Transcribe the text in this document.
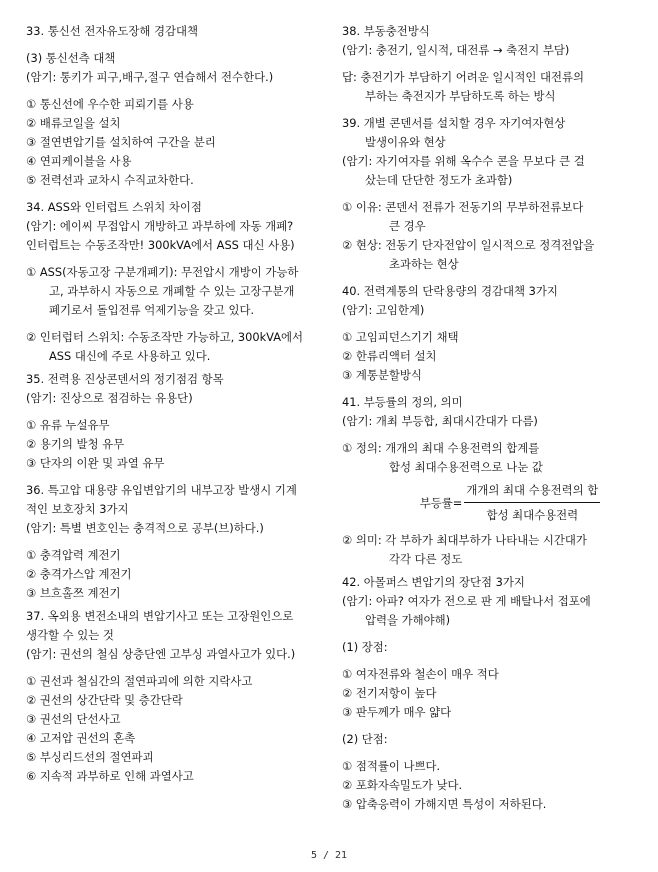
33. 통신선 전자유도장해 경감대책

(3) 통신선측 대책

(암기: 통키가 피구,배구,절구 연습해서 전수한다.)

① 통신선에 우수한 피뢰기를 사용

② 배류코일을 설치

③ 절연변압기를 설치하여 구간을 분리

④ 연피케이블을 사용

⑤ 전력선과 교차시 수직교차한다.

34. ASS와 인터럽트 스위치 차이점

(암기: 에이씨 무접압시 개방하고 과부하에 자동 개폐?

인터럽트는 수동조작만! 300kVA에서 ASS 대신 사용)

① ASS(자동고장 구분개폐기): 무전압시 개방이 가능하

고, 과부하시 자동으로 개폐할 수 있는 고장구분개

폐기로서 돌입전류 억제기능을 갖고 있다.

② 인터럽터 스위치: 수동조작만 가능하고, 300kVA에서

ASS 대신에 주로 사용하고 있다.

35. 전력용 진상콘덴서의 정기점검 항목

(암기: 진상으로 점검하는 유용단)

① 유류 누설유무

② 용기의 발청 유무

③ 단자의 이완 및 과열 유무

36. 특고압 대용량 유입변압기의 내부고장 발생시 기계

적인 보호장치 3가지

(암기: 특별 변호인는 충격적으로 공부(브)하다.)

① 충격압력 계전기

② 충격가스압 계전기

③ 브흐홀쯔 계전기

37. 옥외용 변전소내의 변압기사고 또는 고장원인으로

생각할 수 있는 것

(암기: 권선의 철심 상층단엔 고부싱 과열사고가 있다.)

① 권선과 철심간의 절연파괴에 의한 지락사고

② 권선의 상간단락 및 층간단락

③ 권선의 단선사고

④ 고저압 권선의 혼촉

⑤ 부싱리드선의 절연파괴

⑥ 지속적 과부하로 인해 과열사고

38. 부동충전방식

(암기: 충전기, 일시적, 대전류 → 축전지 부담)

답: 충전기가 부담하기 어려운 일시적인 대전류의

부하는 축전지가 부담하도록 하는 방식

39. 개별 콘덴서를 설치할 경우 자기여자현상

발생이유와 현상

(암기: 자기여자를 위해 옥수수 콘을 무보다 큰 걸

샀는데 단단한 정도가 초과함)

① 이유: 콘덴서 전류가 전동기의 무부하전류보다

큰 경우

② 현상: 전동기 단자전압이 일시적으로 정격전압을

초과하는 현상

40. 전력계통의 단락용량의 경감대책 3가지

(암기: 고임한계)

① 고임피던스기기 채택

② 한류리액터 설치

③ 계통분할방식

41. 부등률의 정의, 의미

(암기: 개최 부등합, 최대시간대가 다름)

① 정의: 개개의 최대 수용전력의 합계를

합성 최대수용전력으로 나눈 값

부등률= $\frac{\text{개개의 최대 수용전력의 합}}{\text{합성 최대수용전력}}$

② 의미: 각 부하가 최대부하가 나타내는 시간대가

각각 다른 정도

42. 아몰퍼스 변압기의 장단점 3가지

(암기: 아파? 여자가 전으로 판 게 배탈나서 접포에

압력을 가해야해)

(1) 장점:

① 여자전류와 철손이 매우 적다

② 전기저항이 높다

③ 판두께가 매우 얇다

(2) 단점:

① 점적률이 나쁘다.

② 포화자속밀도가 낮다.

③ 압축응력이 가해지면 특성이 저하된다.

5 / 21
